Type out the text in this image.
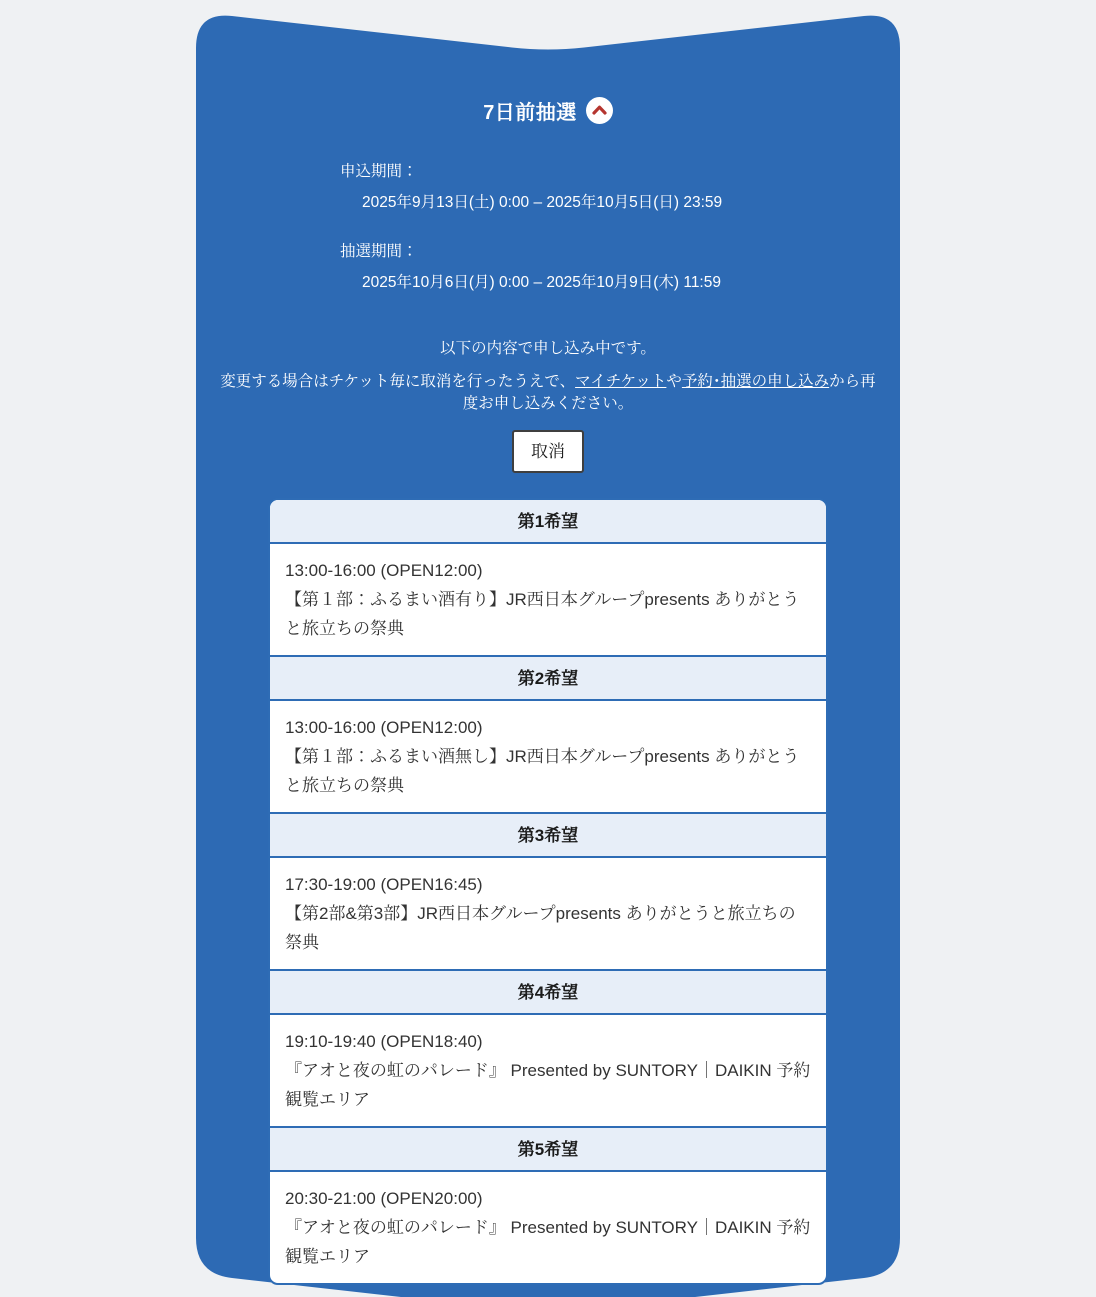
7日前抽選
申込期間：
2025年9月13日(土) 0:00 – 2025年10月5日(日) 23:59
抽選期間：
2025年10月6日(月) 0:00 – 2025年10月9日(木) 11:59

以下の内容で申し込み中です。

変更する場合はチケット毎に取消を行ったうえで、マイチケットや予約･抽選の申し込みから再度お申し込みください。

取消
第1希望
13:00-16:00 (OPEN12:00)
【第１部：ふるまい酒有り】JR西日本グループpresents ありがとうと旅立ちの祭典
第2希望
13:00-16:00 (OPEN12:00)
【第１部：ふるまい酒無し】JR西日本グループpresents ありがとうと旅立ちの祭典
第3希望
17:30-19:00 (OPEN16:45)
【第2部&第3部】JR西日本グループpresents ありがとうと旅立ちの祭典
第4希望
19:10-19:40 (OPEN18:40)
『アオと夜の虹のパレード』 Presented by SUNTORY｜DAIKIN 予約観覧エリア
第5希望
20:30-21:00 (OPEN20:00)
『アオと夜の虹のパレード』 Presented by SUNTORY｜DAIKIN 予約観覧エリア
